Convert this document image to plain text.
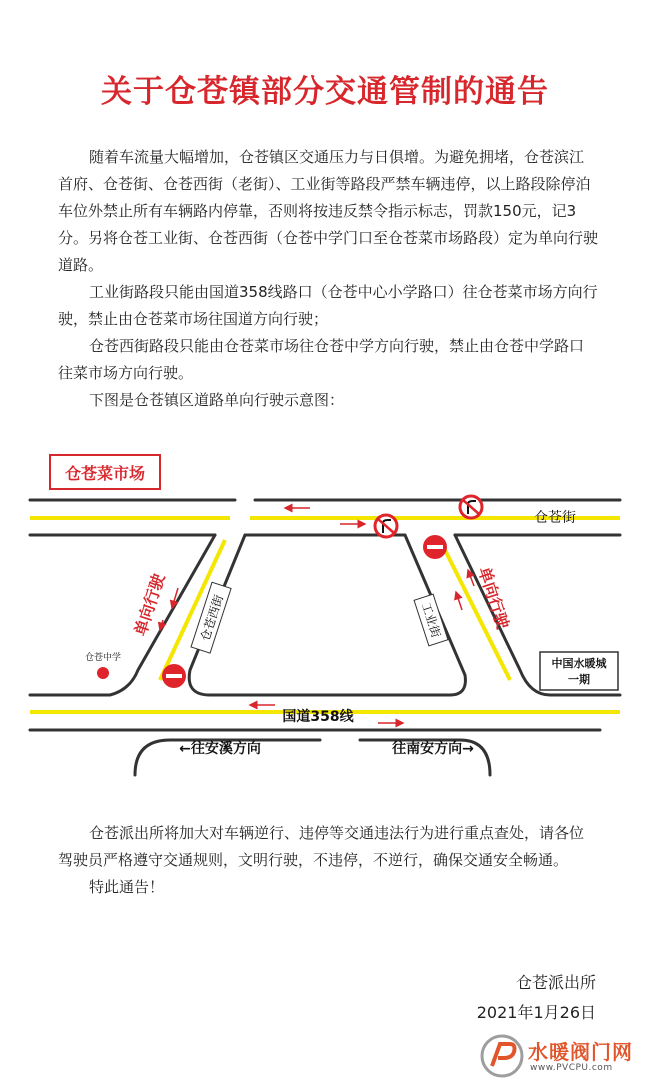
关于仓苍镇部分交通管制的通告

随着车流量大幅增加，仓苍镇区交通压力与日俱增。为避免拥堵，仓苍滨江首府、仓苍街、仓苍西街（老街）、工业街等路段严禁车辆违停，以上路段除停泊车位外禁止所有车辆路内停靠，否则将按违反禁令指示标志，罚款150元，记3分。另将仓苍工业街、仓苍西街（仓苍中学门口至仓苍菜市场路段）定为单向行驶道路。

工业街路段只能由国道358线路口（仓苍中心小学路口）往仓苍菜市场方向行驶，禁止由仓苍菜市场往国道方向行驶；

仓苍西街路段只能由仓苍菜市场往仓苍中学方向行驶，禁止由仓苍中学路口往菜市场方向行驶。

下图是仓苍镇区道路单向行驶示意图：

仓苍菜市场
仓苍街
仓苍西街	工业街
单向行驶	单向行驶
仓苍中学	中国水暖城
一期
国道358线
←往安溪方向	往南安方向→

仓苍派出所将加大对车辆逆行、违停等交通违法行为进行重点查处，请各位驾驶员严格遵守交通规则，文明行驶，不违停，不逆行，确保交通安全畅通。

特此通告！

仓苍派出所
2021年1月26日
水暖阀门网
www.PVCPU.com
